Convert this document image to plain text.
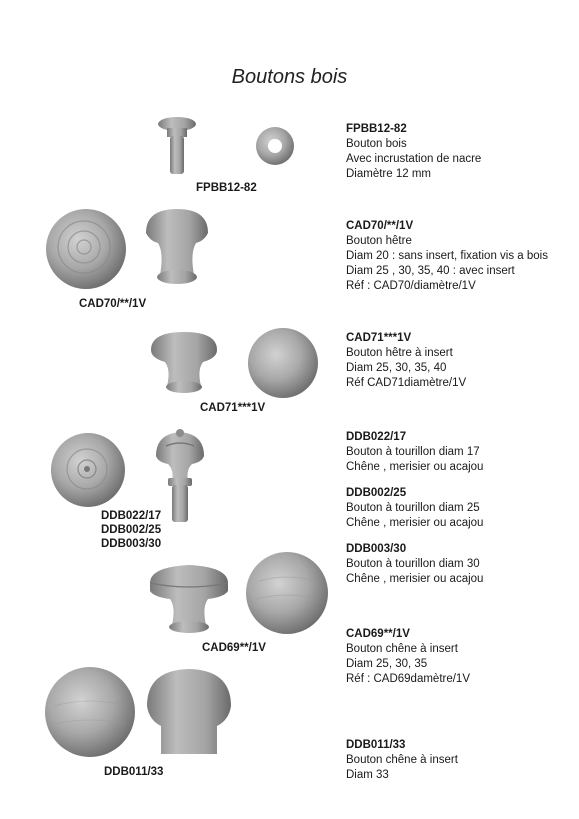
Boutons bois
FPBB12-82
FPBB12-82
Bouton bois
Avec incrustation de nacre
Diamètre 12 mm
CAD70/**/1V
CAD70/**/1V
Bouton hêtre
Diam 20 : sans insert, fixation vis a bois
Diam 25 , 30, 35, 40 : avec insert
Réf : CAD70/diamètre/1V
CAD71***1V
CAD71***1V
Bouton hêtre à insert
Diam 25, 30, 35, 40
Réf CAD71diamètre/1V
DDB022/17
DDB002/25
DDB003/30
DDB022/17
Bouton à tourillon diam 17
Chêne , merisier ou acajou
DDB002/25
Bouton à tourillon diam 25
Chêne , merisier ou acajou
DDB003/30
Bouton à tourillon diam 30
Chêne , merisier ou acajou
CAD69**/1V
CAD69**/1V
Bouton chêne à insert
Diam 25, 30, 35
Réf : CAD69damètre/1V
DDB011/33
DDB011/33
Bouton chêne à insert
Diam 33
